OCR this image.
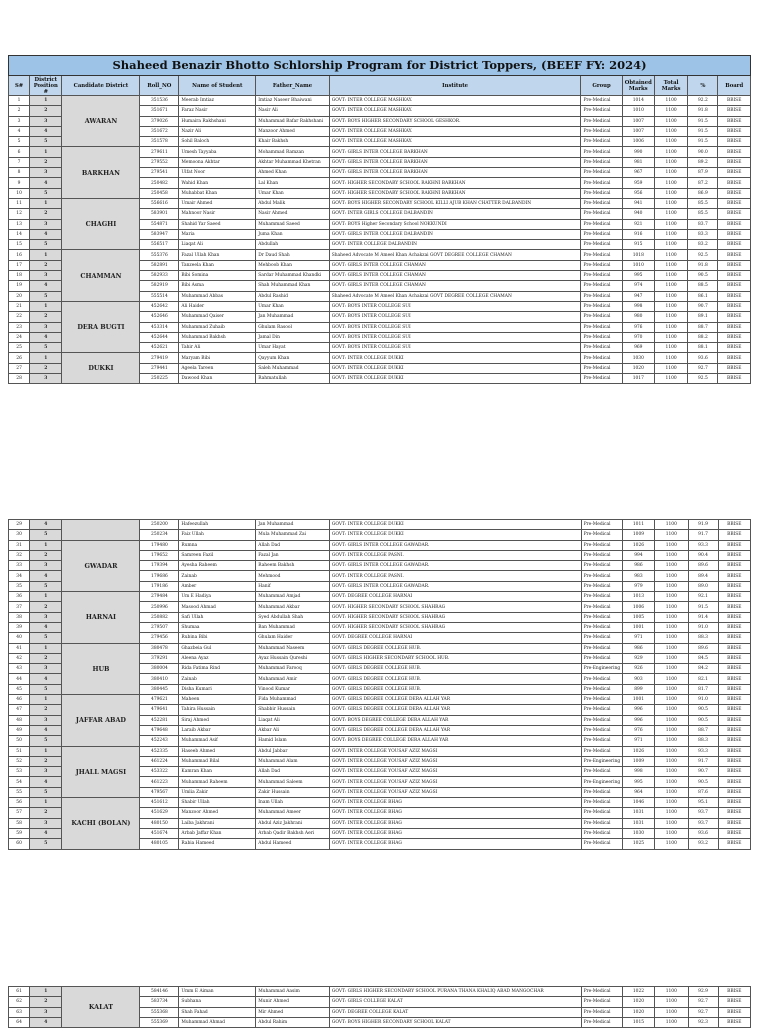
Shaheed Benazir Bhotto Schlorship Program for District Toppers, (BEEF FY: 2024)											
S#	District Position #	Candidate District	Roll_NO	Name of Student	Father_Name	Institute	Group	Obtained Marks	Total Marks	%	Board
1	1	AWARAN	351536	Meerab Imtiaz	Imtiaz Naseer Bhaiwani	GOVT: INTER COLLEGE MASHKAY.	Pre-Medical	1014	1100	92.2	BBISE
2	2		351671	Faraz Nasir	Nasir Ali	GOVT: INTER COLLEGE MASHKAY.	Pre-Medical	1010	1100	91.8	BBISE
3	3		379026	Humaira Rakhshani	Muhammad Bafar Rakhshani	GOVT: BOYS HIGHER SECONDARY SCHOOL GESHKOR.	Pre-Medical	1007	1100	91.5	BBISE
4	4		351672	Nazir Ali	Manzoor Ahmed	GOVT: INTER COLLEGE MASHKAY.	Pre-Medical	1007	1100	91.5	BBISE
5	5		351578	Sohil Baloch	Khair Bakhsh	GOVT: INTER COLLEGE MASHKAY.	Pre-Medical	1006	1100	91.5	BBISE
6	1	BARKHAN	279611	Umesh Tayyaba	Mohammad Ramzan	GOVT: GIRLS INTER COLLEGE BARKHAN	Pre-Medical	990	1100	90.0	BBISE
7	2		279552	Memoona Akhtar	Akhtar Muhammad Khetran	GOVT: GIRLS INTER COLLEGE BARKHAN	Pre-Medical	981	1100	89.2	BBISE
8	3		279541	Ulfat Noor	Ahmed Khan	GOVT: GIRLS INTER COLLEGE BARKHAN	Pre-Medical	967	1100	87.9	BBISE
9	4		250482	Wahid Khan	Lal Khan	GOVT: HIGHER SECONDARY SCHOOL RAKHNI BARKHAN	Pre-Medical	959	1100	87.2	BBISE
10	5		250458	Muhabbat Khan	Umar Khan	GOVT: HIGHER SECONDARY SCHOOL RAKHNI BARKHAN	Pre-Medical	956	1100	86.9	BBISE
11	1	CHAGHI	556616	Umair Ahmed	Abdul Malik	GOVT: BOYS HIGHER SECONDARY SCHOOL KILLI AJUB KHAN CHATTER DALBANDIN	Pre-Medical	941	1100	85.5	BBISE
12	2		583901	Mahnoor Nasir	Nasir Ahmed	GOVT: INTER GIRLS COLLEGE DALBANDIN	Pre-Medical	940	1100	85.5	BBISE
13	3		554871	Shahid Yar Saeed	Muhammad Saeed	GOVT: BOYS Higher Secondary School NOKKUNDI	Pre-Medical	921	1100	83.7	BBISE
14	4		583947	Maria	Juma Khan	GOVT: GIRLS INTER COLLEGE DALBANDIN	Pre-Medical	916	1100	83.3	BBISE
15	5		556517	Liaqat Ali	Abdullah	GOVT: INTER COLLEGE DALBANDIN	Pre-Medical	915	1100	83.2	BBISE
16	1	CHAMMAN	555376	Fazal Ullah Khan	Dr Daud Shah	Shaheed Advocate M Ameel Khan Achakzai GOVT DEGREE COLLEGE CHAMAN	Pre-Medical	1018	1100	92.5	BBISE
17	2		582891	Tanzeela Khan	Mehboob Khan	GOVT: GIRLS INTER COLLEGE CHAMAN	Pre-Medical	1010	1100	91.8	BBISE
18	3		582933	Bibi Somina	Sardar Muhammad Khandki	GOVT: GIRLS INTER COLLEGE CHAMAN	Pre-Medical	995	1100	90.5	BBISE
19	4		582919	Bibi Asma	Shah Muhammad Khan	GOVT: GIRLS INTER COLLEGE CHAMAN	Pre-Medical	974	1100	88.5	BBISE
20	5		555514	Muhammad Abbas	Abdul Rashid	Shaheed Advocate M Ameel Khan Achakzai GOVT DEGREE COLLEGE CHAMAN	Pre-Medical	947	1100	86.1	BBISE
21	1	DERA BUGTI	452642	Ali Haider	Umar Khan	GOVT: BOYS INTER COLLEGE SUI	Pre-Medical	998	1100	90.7	BBISE
22	2		452646	Muhammad Qaiser	Jan Muhammad	GOVT: BOYS INTER COLLEGE SUI	Pre-Medical	980	1100	89.1	BBISE
23	3		453314	Muhammad Zuhaib	Ghulam Rasool	GOVT: BOYS INTER COLLEGE SUI	Pre-Medical	976	1100	88.7	BBISE
24	4		452644	Muhammad Bakhsh	Jamal Din	GOVT: BOYS INTER COLLEGE SUI	Pre-Medical	970	1100	88.2	BBISE
25	5		452621	Tahir Ali	Umar Hayat	GOVT: BOYS INTER COLLEGE SUI	Pre-Medical	969	1100	88.1	BBISE
26	1	DUKKI	279419	Maryam Bibi	Qayyum Khan	GOVT: INTER COLLEGE DUKKI	Pre-Medical	1030	1100	93.6	BBISE
27	2		279441	Ageela Tareen	Saleh Muhammad	GOVT: INTER COLLEGE DUKKI	Pre-Medical	1020	1100	92.7	BBISE
28	3		250225	Dawood Khan	Rahmatullah	GOVT: INTER COLLEGE DUKKI	Pre-Medical	1017	1100	92.5	BBISE
29	4		250200	Hafeezullah	Jan Muhammad	GOVT: INTER COLLEGE DUKKI	Pre-Medical	1011	1100	91.9	BBISE
30	5		250234	Faiz Ullah	Mula Muhammad Zai	GOVT: INTER COLLEGE DUKKI	Pre-Medical	1009	1100	91.7	BBISE
31	1	GWADAR	179480	Rumna	Allah Dad	GOVT: GIRLS INTER COLLEGE GAWADAR.	Pre-Medical	1026	1100	93.3	BBISE
32	2		179652	Samreen Fazil	Fazal Jan	GOVT: INTER COLLEGE PASNI.	Pre-Medical	994	1100	90.4	BBISE
33	3		179394	Ayesha Raheem	Raheem Bakhsh	GOVT: GIRLS INTER COLLEGE GAWADAR.	Pre-Medical	986	1100	89.6	BBISE
34	4		179686	Zainab	Mehmood	GOVT: INTER COLLEGE PASNI.	Pre-Medical	983	1100	89.4	BBISE
35	5		179186	Amber	Hanif	GOVT: GIRLS INTER COLLEGE GAWADAR.	Pre-Medical	979	1100	89.0	BBISE
36	1	HARNAI	279484	Um E Hadiya	Muhammad Amjad	GOVT: DEGREE COLLEGE HARNAI	Pre-Medical	1013	1100	92.1	BBISE
37	2		250996	Masood Ahmad	Muhammad Akbar	GOVT: HIGHER SECONDARY SCHOOL SHAHRAG	Pre-Medical	1006	1100	91.5	BBISE
38	3		250882	Safi Ullah	Syed Abdullah Shah	GOVT: HIGHER SECONDARY SCHOOL SHAHRAG	Pre-Medical	1005	1100	91.4	BBISE
39	4		279507	Shumaa	Ban Muhammad	GOVT: HIGHER SECONDARY SCHOOL SHAHRAG	Pre-Medical	1001	1100	91.0	BBISE
40	5		279456	Rubina Bibi	Ghulam Haider	GOVT: DEGREE COLLEGE HARNAI	Pre-Medical	971	1100	88.3	BBISE
41	1	HUB	380478	Ghazbeia Gul	Muhammad Naseem	GOVT: GIRLS DEGREE COLLEGE HUB.	Pre-Medical	986	1100	89.6	BBISE
42	2		379291	Aleena Ayaz	Ayaz Hussain Qureshi	GOVT: GIRLS HIGHER SECONDARY SCHOOL HUB.	Pre-Medical	929	1100	84.5	BBISE
43	3		380004	Rida Fatima Rind	Muhammad Farooq	GOVT: GIRLS DEGREE COLLEGE HUB.	Pre-Engineering	926	1100	84.2	BBISE
44	4		380410	Zainab	Muhammad Amir	GOVT: GIRLS DEGREE COLLEGE HUB.	Pre-Medical	903	1100	82.1	BBISE
45	5		380445	Disha Kumari	Vinood Kumar	GOVT: GIRLS DEGREE COLLEGE HUB.	Pre-Medical	899	1100	81.7	BBISE
46	1	JAFFAR ABAD	479621	Maheen	Fida Muhammad	GOVT: GIRLS DEGREE COLLEGE DERA ALLAH YAR	Pre-Medical	1001	1100	91.0	BBISE
47	2		479641	Tahira Hussain	Shabbir Hussain	GOVT: GIRLS DEGREE COLLEGE DERA ALLAH YAR	Pre-Medical	996	1100	90.5	BBISE
48	3		452281	Siraj Ahmed	Liaqat Ali	GOVT: BOYS DEGREE COLLEGE DERA ALLAH YAR	Pre-Medical	996	1100	90.5	BBISE
49	4		479648	Laraib Akbar	Akbar Ali	GOVT: GIRLS DEGREE COLLEGE DERA ALLAH YAR	Pre-Medical	976	1100	88.7	BBISE
50	5		452243	Muhammad Asif	Hamid Islam	GOVT: BOYS DEGREE COLLEGE DERA ALLAH YAR	Pre-Medical	971	1100	88.3	BBISE
51	1	JHALL MAGSI	452335	Haseeb Ahmed	Abdul Jabbar	GOVT: INTER COLLEGE YOUSAF AZIZ MAGSI	Pre-Medical	1026	1100	93.3	BBISE
52	2		461224	Muhammad Bilal	Muhammad Alam	GOVT: INTER COLLEGE YOUSAF AZIZ MAGSI	Pre-Engineering	1009	1100	91.7	BBISE
53	3		453322	Kamran Khan	Allah Dad	GOVT: INTER COLLEGE YOUSAF AZIZ MAGSI	Pre-Medical	998	1100	90.7	BBISE
54	4		461223	Muhammad Raheem	Muhammad Saleem	GOVT: INTER COLLEGE YOUSAF AZIZ MAGSI	Pre-Engineering	995	1100	90.5	BBISE
55	5		479567	Umlia Zakir	Zakir Hussain	GOVT: INTER COLLEGE YOUSAF AZIZ MAGSI	Pre-Medical	964	1100	87.6	BBISE
56	1	KACHI (BOLAN)	451612	Shabir Ullah	Inam Ullah	GOVT: INTER COLLEGE BHAG	Pre-Medical	1046	1100	95.1	BBISE
57	2		451629	Manzoor Ahmed	Muhammad Ameer	GOVT: INTER COLLEGE BHAG	Pre-Medical	1031	1100	93.7	BBISE
58	3		480150	Laiba Jakhrani	Abdul Aziz Jakhrani	GOVT: INTER COLLEGE BHAG	Pre-Medical	1031	1100	93.7	BBISE
59	4		451674	Arbab Jaffar Khan	Arbab Qadir Bakhsh Aeri	GOVT: INTER COLLEGE BHAG	Pre-Medical	1030	1100	93.6	BBISE
60	5		480105	Rabia Hameed	Abdul Hameed	GOVT: INTER COLLEGE BHAG	Pre-Medical	1025	1100	93.2	BBISE
61	1	KALAT	584146	Umm E Aiman	Muhammad Aasim	GOVT: GIRLS HIGHER SECONDARY SCHOOL PURANA THANA KHALIQ ABAD MANGOCHAR	Pre-Medical	1022	1100	92.9	BBISE
62	2		583734	Subhana	Munir Ahmed	GOVT: GIRLS COLLEGE KALAT	Pre-Medical	1020	1100	92.7	BBISE
63	3		555368	Shah Fahad	Mir Ahmed	GOVT: DEGREE COLLEGE KALAT	Pre-Medical	1020	1100	92.7	BBISE
64	4		555369	Muhammad Ahmad	Abdul Rahim	GOVT: BOYS HIGHER SECONDARY SCHOOL KALAT	Pre-Medical	1015	1100	92.3	BBISE
